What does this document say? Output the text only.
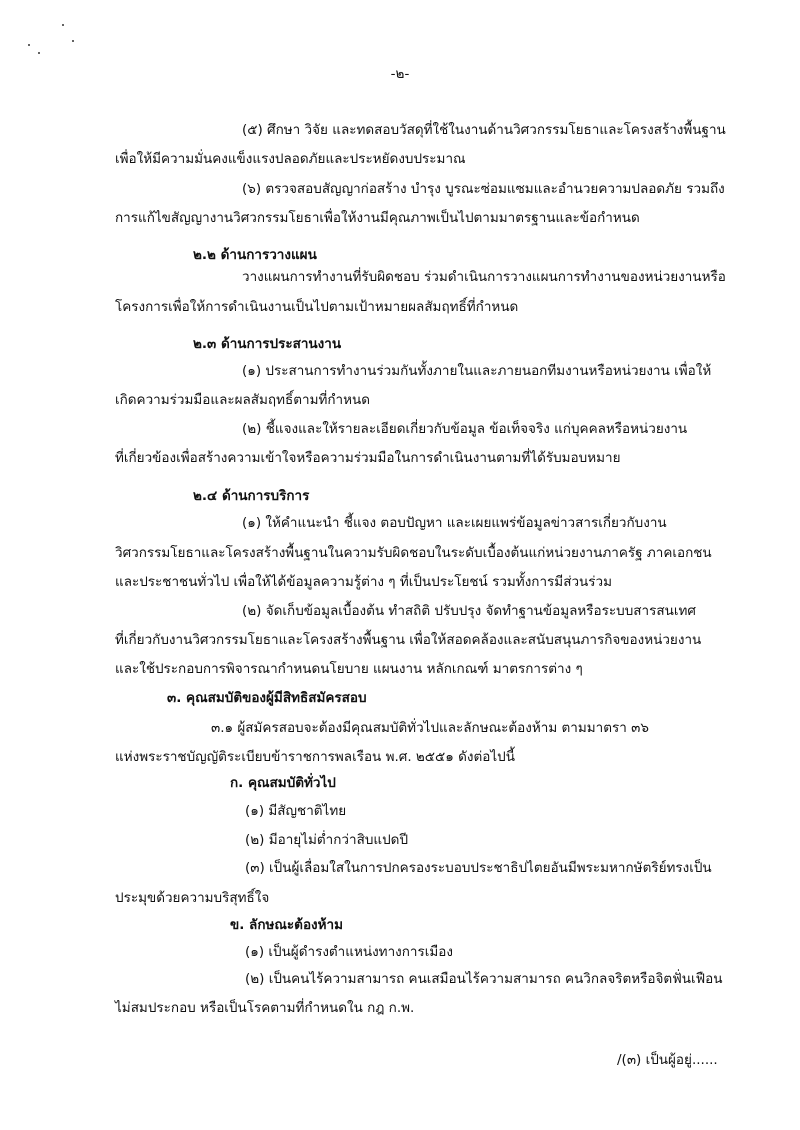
-๒-
(๕) ศึกษา วิจัย และทดสอบวัสดุที่ใช้ในงานด้านวิศวกรรมโยธาและโครงสร้างพื้นฐาน
เพื่อให้มีความมั่นคงแข็งแรงปลอดภัยและประหยัดงบประมาณ
(๖) ตรวจสอบสัญญาก่อสร้าง บำรุง บูรณะซ่อมแซมและอำนวยความปลอดภัย รวมถึง
การแก้ไขสัญญางานวิศวกรรมโยธาเพื่อให้งานมีคุณภาพเป็นไปตามมาตรฐานและข้อกำหนด
๒.๒ ด้านการวางแผน
วางแผนการทำงานที่รับผิดชอบ ร่วมดำเนินการวางแผนการทำงานของหน่วยงานหรือ
โครงการเพื่อให้การดำเนินงานเป็นไปตามเป้าหมายผลสัมฤทธิ์ที่กำหนด
๒.๓ ด้านการประสานงาน
(๑) ประสานการทำงานร่วมกันทั้งภายในและภายนอกทีมงานหรือหน่วยงาน เพื่อให้
เกิดความร่วมมือและผลสัมฤทธิ์ตามที่กำหนด
(๒) ชี้แจงและให้รายละเอียดเกี่ยวกับข้อมูล ข้อเท็จจริง แก่บุคคลหรือหน่วยงาน
ที่เกี่ยวข้องเพื่อสร้างความเข้าใจหรือความร่วมมือในการดำเนินงานตามที่ได้รับมอบหมาย
๒.๔ ด้านการบริการ
(๑) ให้คำแนะนำ ชี้แจง ตอบปัญหา และเผยแพร่ข้อมูลข่าวสารเกี่ยวกับงาน
วิศวกรรมโยธาและโครงสร้างพื้นฐานในความรับผิดชอบในระดับเบื้องต้นแก่หน่วยงานภาครัฐ ภาคเอกชน
และประชาชนทั่วไป เพื่อให้ได้ข้อมูลความรู้ต่าง ๆ ที่เป็นประโยชน์ รวมทั้งการมีส่วนร่วม
(๒) จัดเก็บข้อมูลเบื้องต้น ทำสถิติ ปรับปรุง จัดทำฐานข้อมูลหรือระบบสารสนเทศ
ที่เกี่ยวกับงานวิศวกรรมโยธาและโครงสร้างพื้นฐาน เพื่อให้สอดคล้องและสนับสนุนภารกิจของหน่วยงาน
และใช้ประกอบการพิจารณากำหนดนโยบาย แผนงาน หลักเกณฑ์ มาตรการต่าง ๆ
๓. คุณสมบัติของผู้มีสิทธิสมัครสอบ
๓.๑ ผู้สมัครสอบจะต้องมีคุณสมบัติทั่วไปและลักษณะต้องห้าม ตามมาตรา ๓๖
แห่งพระราชบัญญัติระเบียบข้าราชการพลเรือน พ.ศ. ๒๕๕๑ ดังต่อไปนี้
ก. คุณสมบัติทั่วไป
(๑) มีสัญชาติไทย
(๒) มีอายุไม่ต่ำกว่าสิบแปดปี
(๓) เป็นผู้เลื่อมใสในการปกครองระบอบประชาธิปไตยอันมีพระมหากษัตริย์ทรงเป็น
ประมุขด้วยความบริสุทธิ์ใจ
ข. ลักษณะต้องห้าม
(๑) เป็นผู้ดำรงตำแหน่งทางการเมือง
(๒) เป็นคนไร้ความสามารถ คนเสมือนไร้ความสามารถ คนวิกลจริตหรือจิตฟั่นเฟือน
ไม่สมประกอบ หรือเป็นโรคตามที่กำหนดใน กฎ ก.พ.
/(๓) เป็นผู้อยู่......
